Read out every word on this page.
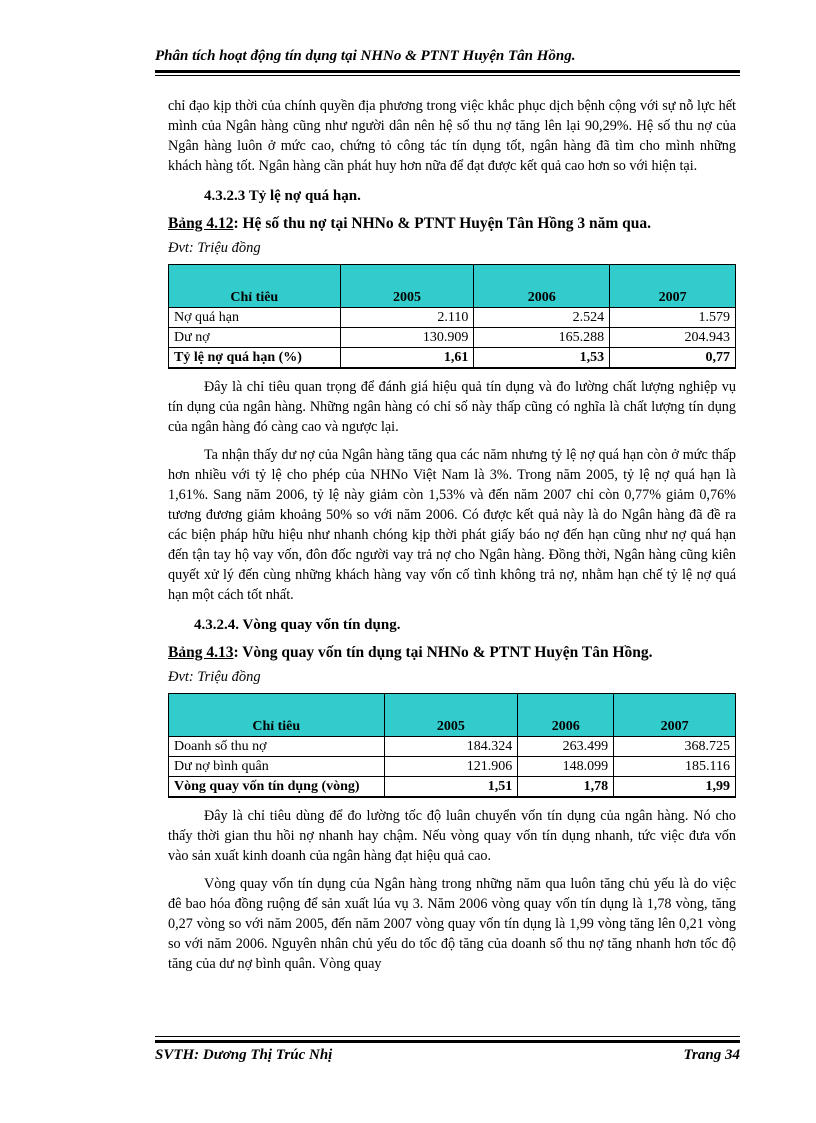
Phân tích hoạt động tín dụng tại NHNo & PTNT Huyện Tân Hồng.

chỉ đạo kịp thời của chính quyền địa phương trong việc khắc phục dịch bệnh cộng với sự nỗ lực hết mình của Ngân hàng cũng như người dân nên hệ số thu nợ tăng lên lại 90,29%. Hệ số thu nợ của Ngân hàng luôn ở mức cao, chứng tỏ công tác tín dụng tốt, ngân hàng đã tìm cho mình những khách hàng tốt. Ngân hàng cần phát huy hơn nữa để đạt được kết quả cao hơn so với hiện tại.

4.3.2.3 Tỷ lệ nợ quá hạn.

Bảng 4.12: Hệ số thu nợ tại NHNo & PTNT Huyện Tân Hồng 3 năm qua.

Đvt: Triệu đồng

Chỉ tiêu	2005	2006	2007
Nợ quá hạn	2.110	2.524	1.579
Dư nợ	130.909	165.288	204.943
Tỷ lệ nợ quá hạn (%)	1,61	1,53	0,77

Đây là chỉ tiêu quan trọng để đánh giá hiệu quả tín dụng và đo lường chất lượng nghiệp vụ tín dụng của ngân hàng. Những ngân hàng có chỉ số này thấp cũng có nghĩa là chất lượng tín dụng của ngân hàng đó càng cao và ngược lại.

Ta nhận thấy dư nợ của Ngân hàng tăng qua các năm nhưng tỷ lệ nợ quá hạn còn ở mức thấp hơn nhiều với tỷ lệ cho phép của NHNo Việt Nam là 3%. Trong năm 2005, tỷ lệ nợ quá hạn là 1,61%. Sang năm 2006, tỷ lệ này giảm còn 1,53% và đến năm 2007 chỉ còn 0,77% giảm 0,76% tương đương giảm khoảng 50% so với năm 2006. Có được kết quả này là do Ngân hàng đã đề ra các biện pháp hữu hiệu như nhanh chóng kịp thời phát giấy báo nợ đến hạn cũng như nợ quá hạn đến tận tay hộ vay vốn, đôn đốc người vay trả nợ cho Ngân hàng. Đồng thời, Ngân hàng cũng kiên quyết xử lý đến cùng những khách hàng vay vốn cố tình không trả nợ, nhằm hạn chế tỷ lệ nợ quá hạn một cách tốt nhất.

4.3.2.4. Vòng quay vốn tín dụng.

Bảng 4.13: Vòng quay vốn tín dụng tại NHNo & PTNT Huyện Tân Hồng.

Đvt: Triệu đồng

Chỉ tiêu	2005	2006	2007
Doanh số thu nợ	184.324	263.499	368.725
Dư nợ bình quân	121.906	148.099	185.116
Vòng quay vốn tín dụng (vòng)	1,51	1,78	1,99

Đây là chỉ tiêu dùng để đo lường tốc độ luân chuyển vốn tín dụng của ngân hàng. Nó cho thấy thời gian thu hồi nợ nhanh hay chậm. Nếu vòng quay vốn tín dụng nhanh, tức việc đưa vốn vào sản xuất kinh doanh của ngân hàng đạt hiệu quả cao.

Vòng quay vốn tín dụng của Ngân hàng trong những năm qua luôn tăng chủ yếu là do việc đê bao hóa đồng ruộng để sản xuất lúa vụ 3. Năm 2006 vòng quay vốn tín dụng là 1,78 vòng, tăng 0,27 vòng so với năm 2005, đến năm 2007 vòng quay vốn tín dụng là 1,99 vòng tăng lên 0,21 vòng so với năm 2006. Nguyên nhân chủ yếu do tốc độ tăng của doanh số thu nợ tăng nhanh hơn tốc độ tăng của dư nợ bình quân. Vòng quay

SVTH: Dương Thị Trúc Nhị	Trang 34
